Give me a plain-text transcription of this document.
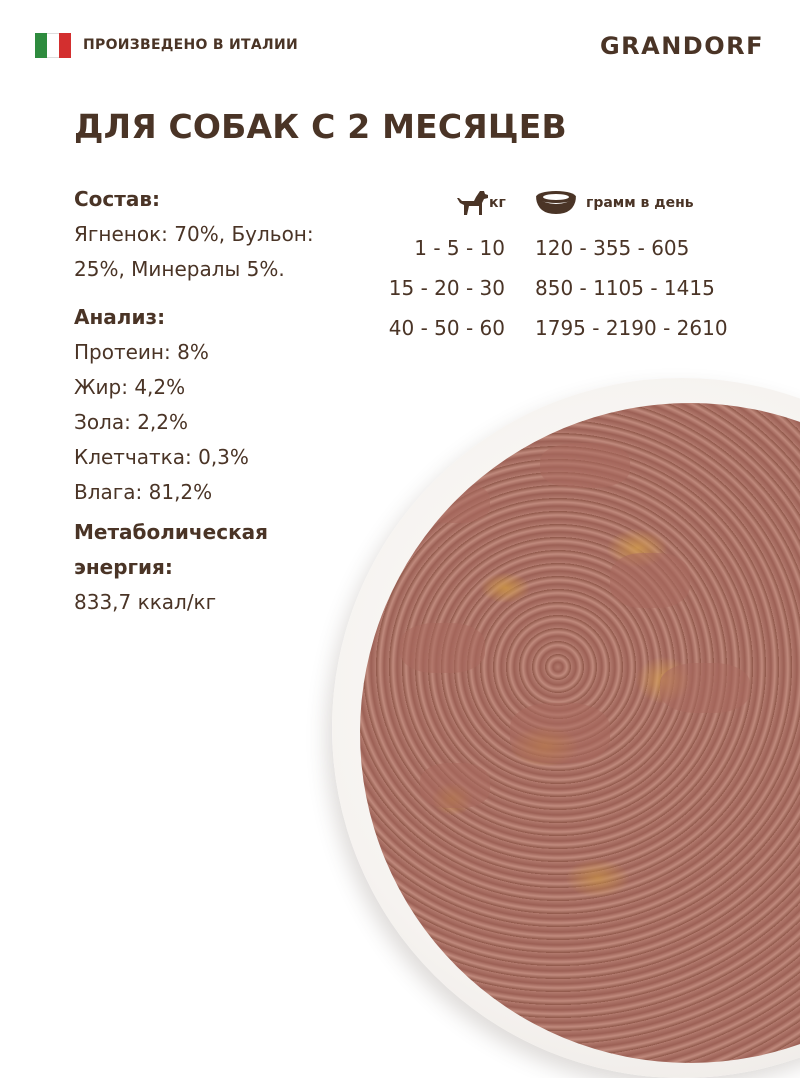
ПРОИЗВЕДЕНО В ИТАЛИИ	GRANDORF
ДЛЯ СОБАК С 2 МЕСЯЦЕВ
Состав:
Ягненок: 70%, Бульон: 25%, Минералы 5%.
Анализ:
Протеин: 8%
Жир: 4,2%
Зола: 2,2%
Клетчатка: 0,3%
Влага: 81,2%
Метаболическая энергия:
833,7 ккал/кг
кг	грамм в день
1 - 5 - 10 120 - 355 - 605
15 - 20 - 30 850 - 1105 - 1415
40 - 50 - 60 1795 - 2190 - 2610
